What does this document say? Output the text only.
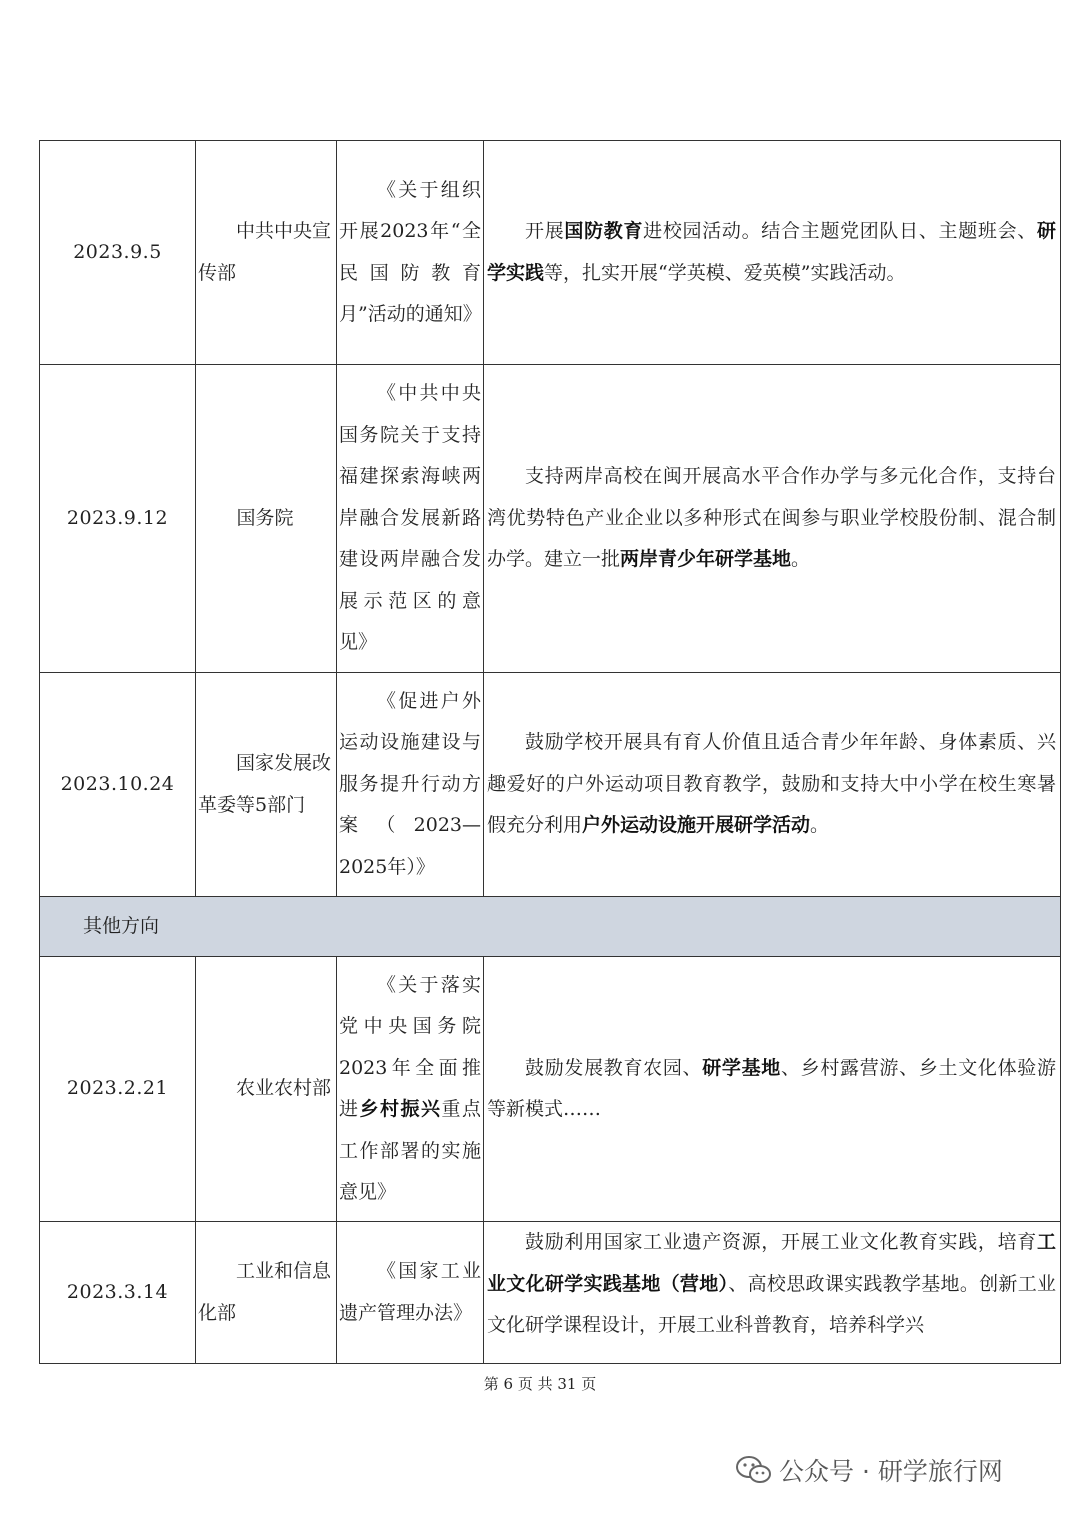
2023.9.5	中共中央宣传部	《关于组织开展2023年“全民国防教育月”活动的通知》	开展国防教育进校园活动。结合主题党团队日、主题班会、研学实践等，扎实开展“学英模、爱英模”实践活动。
2023.9.12	国务院	《中共中央 国务院关于支持福建探索海峡两岸融合发展新路 建设两岸融合发展示范区的意见》	支持两岸高校在闽开展高水平合作办学与多元化合作，支持台湾优势特色产业企业以多种形式在闽参与职业学校股份制、混合制办学。建立一批两岸青少年研学基地。
2023.10.24	国家发展改革委等5部门	《促进户外运动设施建设与服务提升行动方案（2023—2025年）》	鼓励学校开展具有育人价值且适合青少年年龄、身体素质、兴趣爱好的户外运动项目教育教学，鼓励和支持大中小学在校生寒暑假充分利用户外运动设施开展研学活动。
其他方向			
2023.2.21	农业农村部	《关于落实党中央国务院2023年全面推进乡村振兴重点工作部署的实施意见》	鼓励发展教育农园、研学基地、乡村露营游、乡土文化体验游等新模式……
2023.3.14	工业和信息化部	《国家工业遗产管理办法》	鼓励利用国家工业遗产资源，开展工业文化教育实践，培育工业文化研学实践基地（营地）、高校思政课实践教学基地。创新工业文化研学课程设计，开展工业科普教育，培养科学兴
第 6 页 共 31 页
公众号 · 研学旅行网
